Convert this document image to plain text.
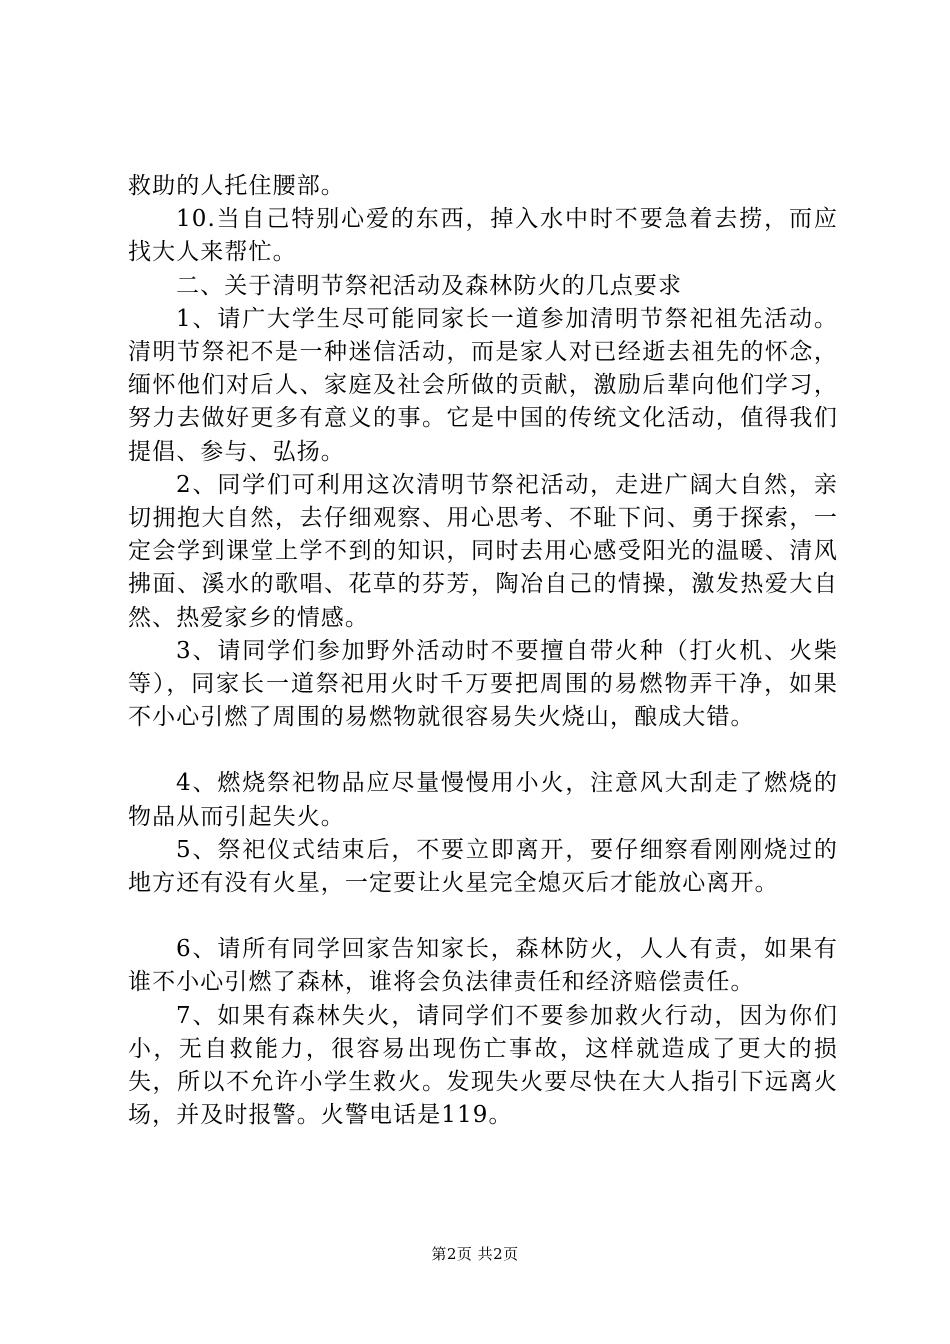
救助的人托住腰部。

10.当自己特别心爱的东西，掉入水中时不要急着去捞，而应找大人来帮忙。

二、关于清明节祭祀活动及森林防火的几点要求

1、请广大学生尽可能同家长一道参加清明节祭祀祖先活动。清明节祭祀不是一种迷信活动，而是家人对已经逝去祖先的怀念，缅怀他们对后人、家庭及社会所做的贡献，激励后辈向他们学习，努力去做好更多有意义的事。它是中国的传统文化活动，值得我们提倡、参与、弘扬。

2、同学们可利用这次清明节祭祀活动，走进广阔大自然，亲切拥抱大自然，去仔细观察、用心思考、不耻下问、勇于探索，一定会学到课堂上学不到的知识，同时去用心感受阳光的温暖、清风拂面、溪水的歌唱、花草的芬芳，陶冶自己的情操，激发热爱大自然、热爱家乡的情感。

3、请同学们参加野外活动时不要擅自带火种（打火机、火柴等），同家长一道祭祀用火时千万要把周围的易燃物弄干净，如果不小心引燃了周围的易燃物就很容易失火烧山，酿成大错。

4、燃烧祭祀物品应尽量慢慢用小火，注意风大刮走了燃烧的物品从而引起失火。

5、祭祀仪式结束后，不要立即离开，要仔细察看刚刚烧过的地方还有没有火星，一定要让火星完全熄灭后才能放心离开。

6、请所有同学回家告知家长，森林防火，人人有责，如果有谁不小心引燃了森林，谁将会负法律责任和经济赔偿责任。

7、如果有森林失火，请同学们不要参加救火行动，因为你们小，无自救能力，很容易出现伤亡事故，这样就造成了更大的损失，所以不允许小学生救火。发现失火要尽快在大人指引下远离火场，并及时报警。火警电话是119。

第2页 共2页
